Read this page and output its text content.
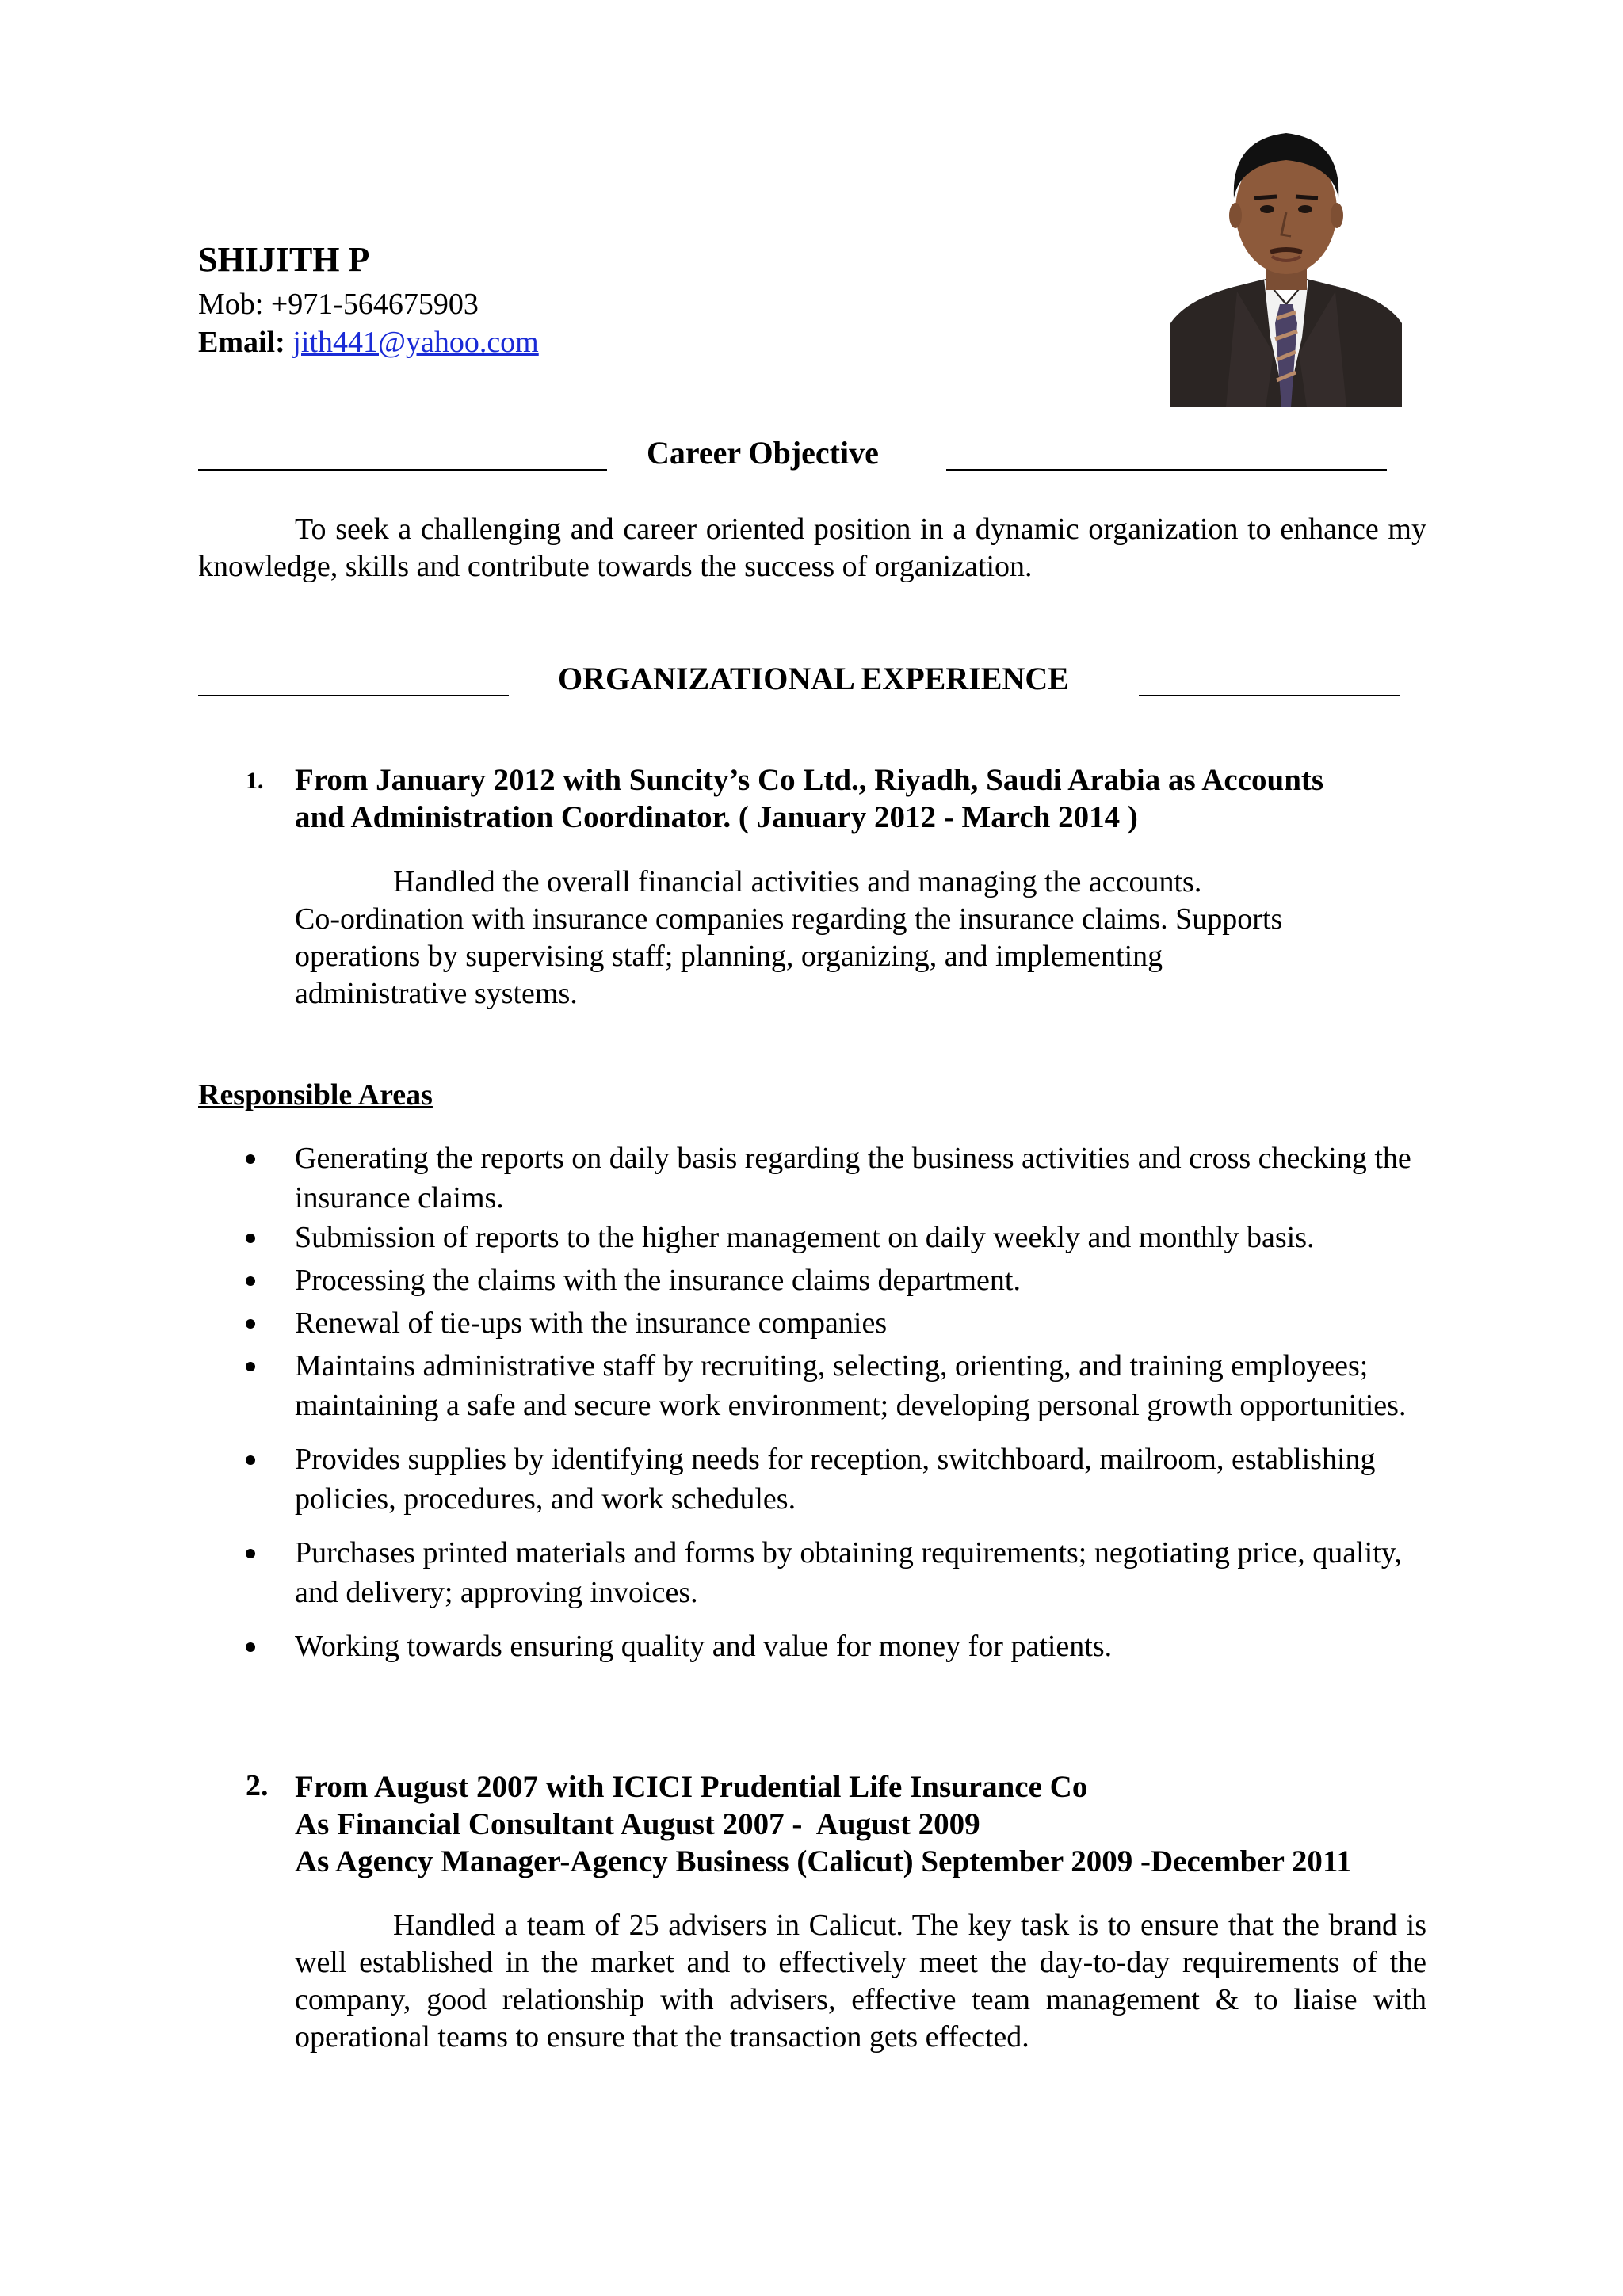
SHIJITH P
Mob: +971-564675903
Email: jith441@yahoo.com
Career Objective
To seek a challenging and career oriented position in a dynamic organization to enhance my knowledge, skills and contribute towards the success of organization.
ORGANIZATIONAL EXPERIENCE
1. From January 2012 with Suncity’s Co Ltd., Riyadh, Saudi Arabia as Accounts
and Administration Coordinator. ( January 2012 - March 2014 )
Handled the overall financial activities and managing the accounts.
Co-ordination with insurance companies regarding the insurance claims. Supports
operations by supervising staff; planning, organizing, and implementing
administrative systems.
Responsible Areas
Generating the reports on daily basis regarding the business activities and cross checking the insurance claims.
Submission of reports to the higher management on daily weekly and monthly basis.
Processing the claims with the insurance claims department.
Renewal of tie-ups with the insurance companies
Maintains administrative staff by recruiting, selecting, orienting, and training employees; maintaining a safe and secure work environment; developing personal growth opportunities.
Provides supplies by identifying needs for reception, switchboard, mailroom, establishing policies, procedures, and work schedules.
Purchases printed materials and forms by obtaining requirements; negotiating price, quality, and delivery; approving invoices.
Working towards ensuring quality and value for money for patients.
2. From August 2007 with ICICI Prudential Life Insurance Co
As Financial Consultant August 2007 -  August 2009
As Agency Manager-Agency Business (Calicut) September 2009 -December 2011
Handled a team of 25 advisers in Calicut. The key task is to ensure that the brand is well established in the market and to effectively meet the day-to-day requirements of the company, good relationship with advisers, effective team management & to liaise with operational teams to ensure that the transaction gets effected.
